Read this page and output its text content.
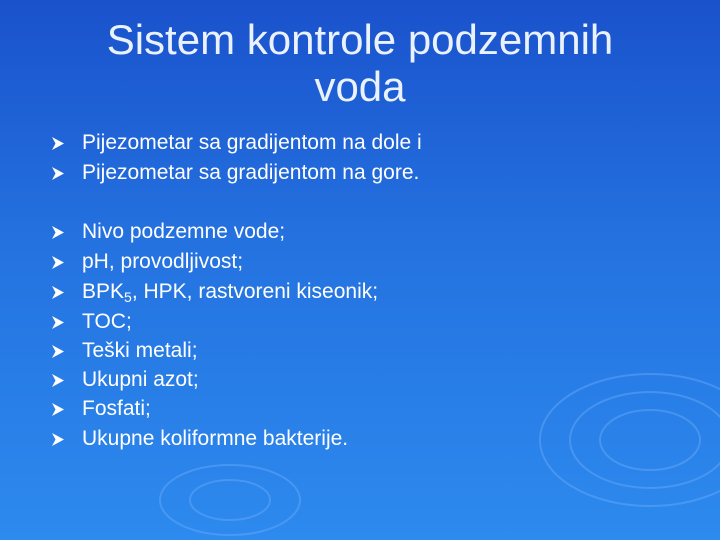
Sistem kontrole podzemnih
voda
Pijezometar sa gradijentom na dole i
Pijezometar sa gradijentom na gore.
Nivo podzemne vode;
pH, provodljivost;
$BPK_5$, HPK, rastvoreni kiseonik;
TOC;
Teški metali;
Ukupni azot;
Fosfati;
Ukupne koliformne bakterije.
